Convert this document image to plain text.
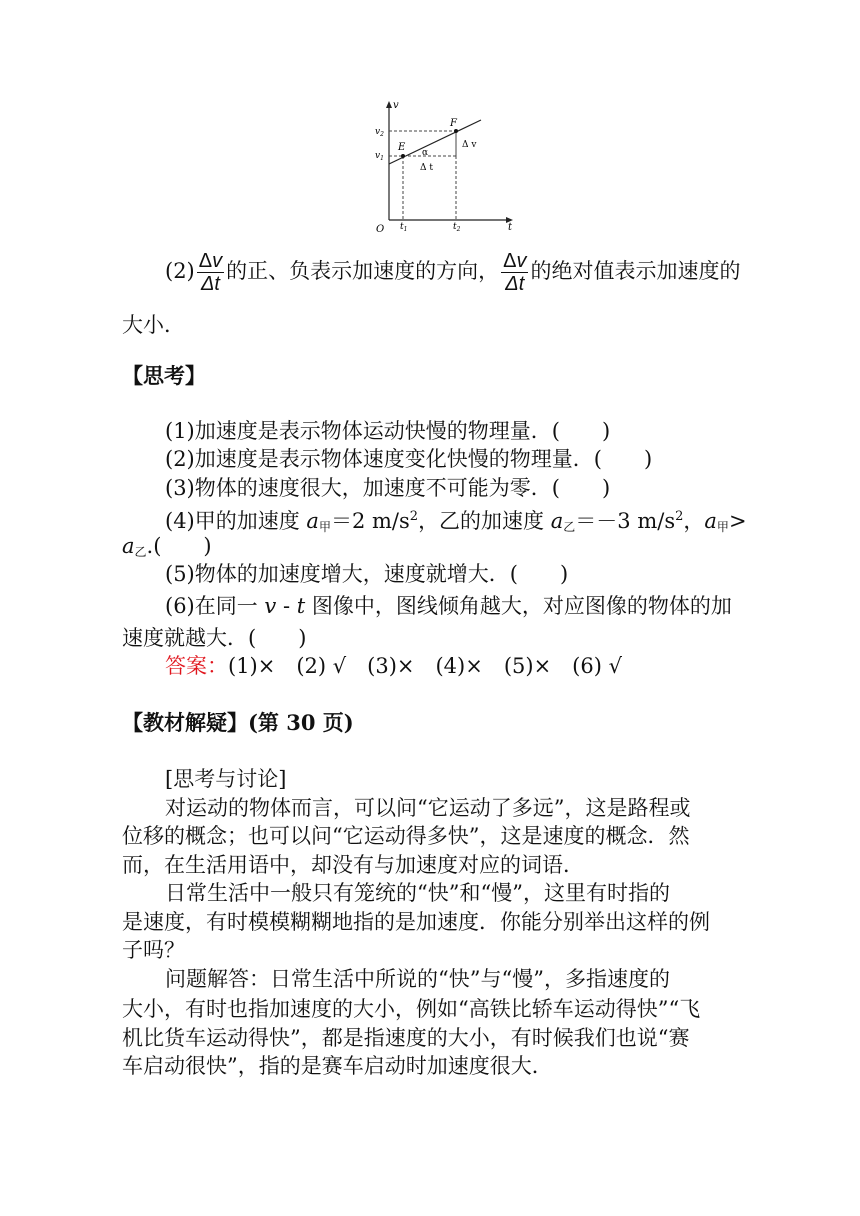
v
t
O
E
F
α
Δ v
Δ t
$v_1$
$v_2$
$t_1$	$t_2$
$(2) \frac{\Delta v}{\Delta t}$ 的正、负表示加速度的方向， $\frac{\Delta v}{\Delta t}$ 的绝对值表示加速度的
大小．
【思考】
(1)加速度是表示物体运动快慢的物理量．(　　)
(2)加速度是表示物体速度变化快慢的物理量．(　　)
(3)物体的速度很大，加速度不可能为零．(　　)
(4)甲的加速度 $a_甲=2$ $m/s^2$，乙的加速度 $a_乙=-3$ $m/s^2$，$a_甲>$
$a_乙$.(　　)
(5)物体的加速度增大，速度就增大．(　　)
(6)在同一 v - t 图像中，图线倾角越大，对应图像的物体的加
速度就越大．(　　)
答案：(1)×　(2) √　(3)×　(4)×　(5)×　(6) √
【教材解疑】(第 30 页)
[思考与讨论]
对运动的物体而言，可以问“它运动了多远”，这是路程或
位移的概念；也可以问“它运动得多快”，这是速度的概念．然
而，在生活用语中，却没有与加速度对应的词语．
日常生活中一般只有笼统的“快”和“慢”，这里有时指的
是速度，有时模模糊糊地指的是加速度．你能分别举出这样的例
子吗？
问题解答：日常生活中所说的“快”与“慢”，多指速度的
大小，有时也指加速度的大小，例如“高铁比轿车运动得快”“飞
机比货车运动得快”，都是指速度的大小，有时候我们也说“赛
车启动很快”，指的是赛车启动时加速度很大．
